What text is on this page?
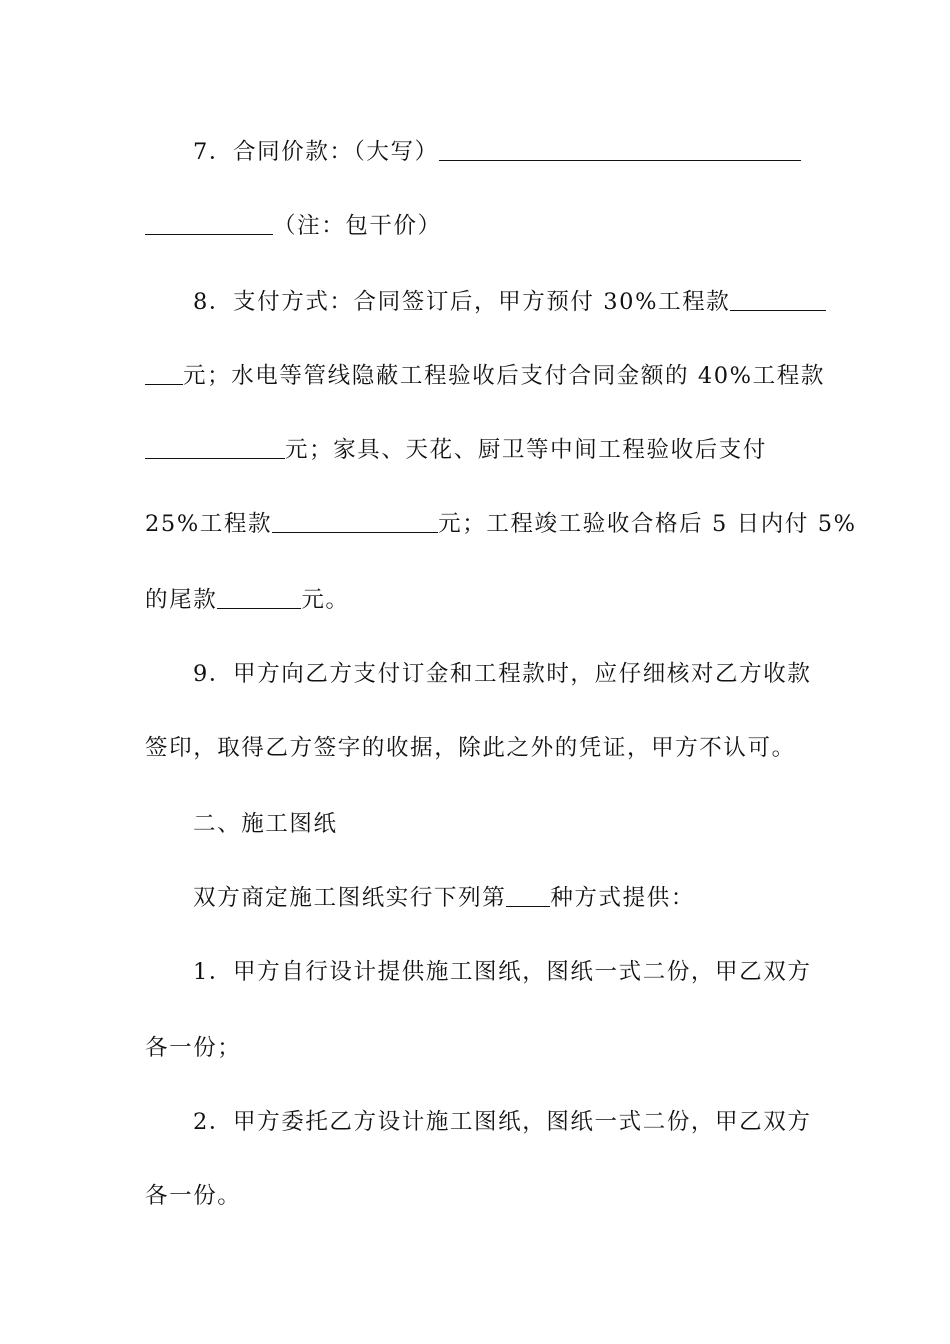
7．合同价款：（大写）
（注：包干价）
8．支付方式：合同签订后，甲方预付 30%工程款
元；水电等管线隐蔽工程验收后支付合同金额的 40%工程款
元；家具、天花、厨卫等中间工程验收后支付
25%工程款	元；工程竣工验收合格后 5 日内付 5%
的尾款	元。
9．甲方向乙方支付订金和工程款时，应仔细核对乙方收款
签印，取得乙方签字的收据，除此之外的凭证，甲方不认可。
二、施工图纸
双方商定施工图纸实行下列第 种方式提供：
1．甲方自行设计提供施工图纸，图纸一式二份，甲乙双方
各一份；
2．甲方委托乙方设计施工图纸，图纸一式二份，甲乙双方
各一份。
